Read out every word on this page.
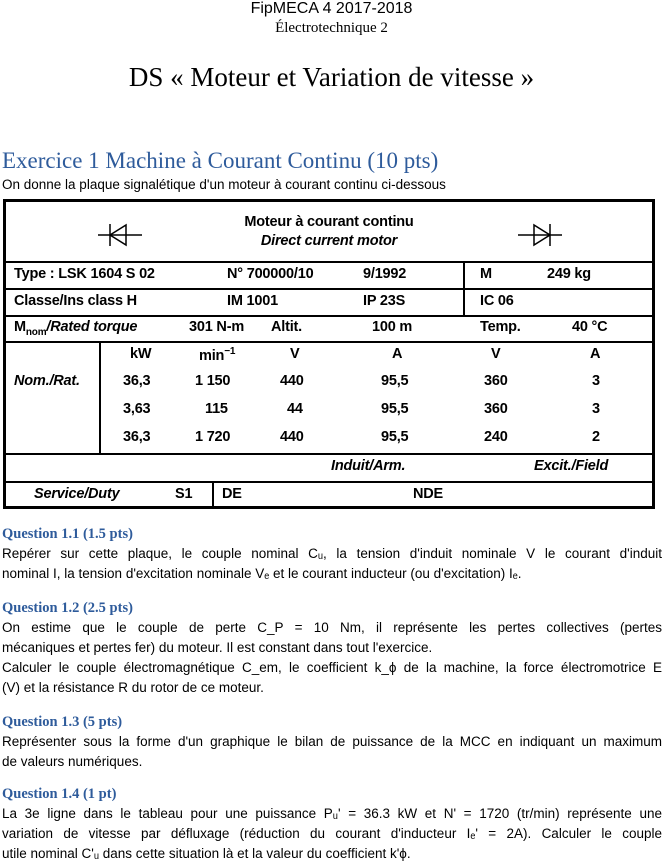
FipMECA 4 2017-2018
Électrotechnique 2
DS « Moteur et Variation de vitesse »
Exercice 1 Machine à Courant Continu (10 pts)
On donne la plaque signalétique d'un moteur à courant continu ci-dessous
Moteur à courant continu
Direct current motor
Type : LSK 1604 S 02	N° 700000/10	9/1992	M	249 kg
Classe/Ins class H	IM 1001	IP 23S	IC 06
$M_{nom}$/Rated torque	301 N-m Altit.	100 m	Temp.	40 °C
kW	$\min^{-1}$	V	A	V	A
Nom./Rat.	36,3	1 150	440	95,5	360	3
3,63	115	44	95,5	360	3
36,3	1 720	440	95,5	240	2
Induit/Arm.	Excit./Field
Service/Duty	S1 DE	NDE
Question 1.1 (1.5 pts)

Repérer sur cette plaque, le couple nominal Cᵤ, la tension d'induit nominale V le courant d'induit

nominal I, la tension d'excitation nominale Vₑ et le courant inducteur (ou d'excitation) Iₑ.

Question 1.2 (2.5 pts)

On estime que le couple de perte C_P = 10 Nm, il représente les pertes collectives (pertes

mécaniques et pertes fer) du moteur. Il est constant dans tout l'exercice.

Calculer le couple électromagnétique C_em, le coefficient k_ϕ de la machine, la force électromotrice E

(V) et la résistance R du rotor de ce moteur.

Question 1.3 (5 pts)

Représenter sous la forme d'un graphique le bilan de puissance de la MCC en indiquant un maximum

de valeurs numériques.

Question 1.4 (1 pt)

La 3e ligne dans le tableau pour une puissance Pᵤ' = 36.3 kW et N' = 1720 (tr/min) représente une

variation de vitesse par défluxage (réduction du courant d'inducteur Iₑ' = 2A). Calculer le couple

utile nominal C'ᵤ dans cette situation là et la valeur du coefficient k'ϕ.
